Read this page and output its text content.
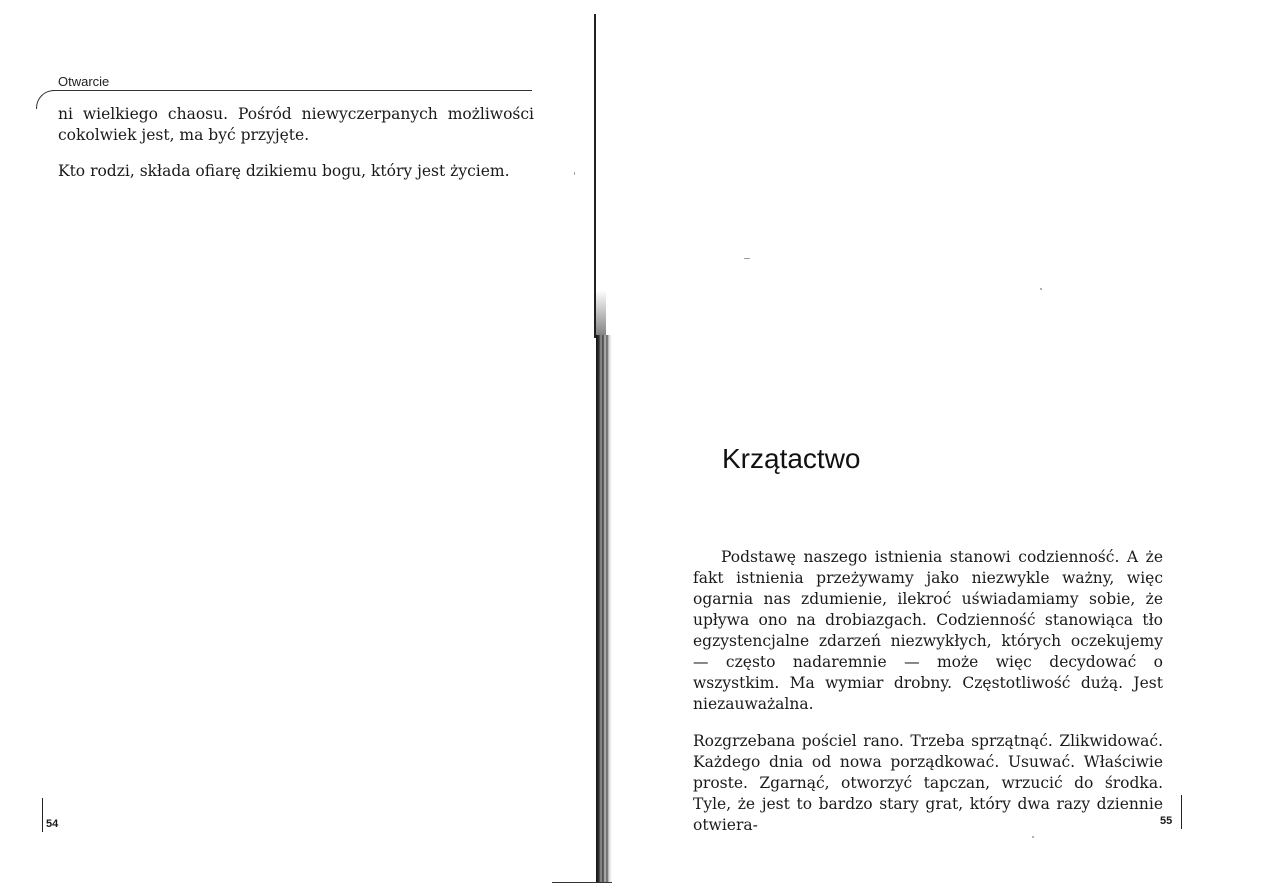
Otwarcie

ni wielkiego chaosu. Pośród niewyczerpanych możliwości cokolwiek jest, ma być przyjęte.

Kto rodzi, składa ofiarę dzikiemu bogu, który jest życiem.

54
Krzątactwo

Podstawę naszego istnienia stanowi codzienność. A że fakt istnienia przeżywamy jako niezwykle ważny, więc ogarnia nas zdumienie, ilekroć uświadamiamy sobie, że upływa ono na drobiazgach. Codzienność stanowiąca tło egzystencjalne zdarzeń niezwykłych, których oczekujemy — często nadaremnie — może więc decydować o wszystkim. Ma wymiar drobny. Częstotliwość dużą. Jest niezauważalna.

Rozgrzebana pościel rano. Trzeba sprzątnąć. Zlikwidować. Każdego dnia od nowa porządkować. Usuwać. Właściwie proste. Zgarnąć, otworzyć tapczan, wrzucić do środka. Tyle, że jest to bardzo stary grat, który dwa razy dziennie otwiera-	55
